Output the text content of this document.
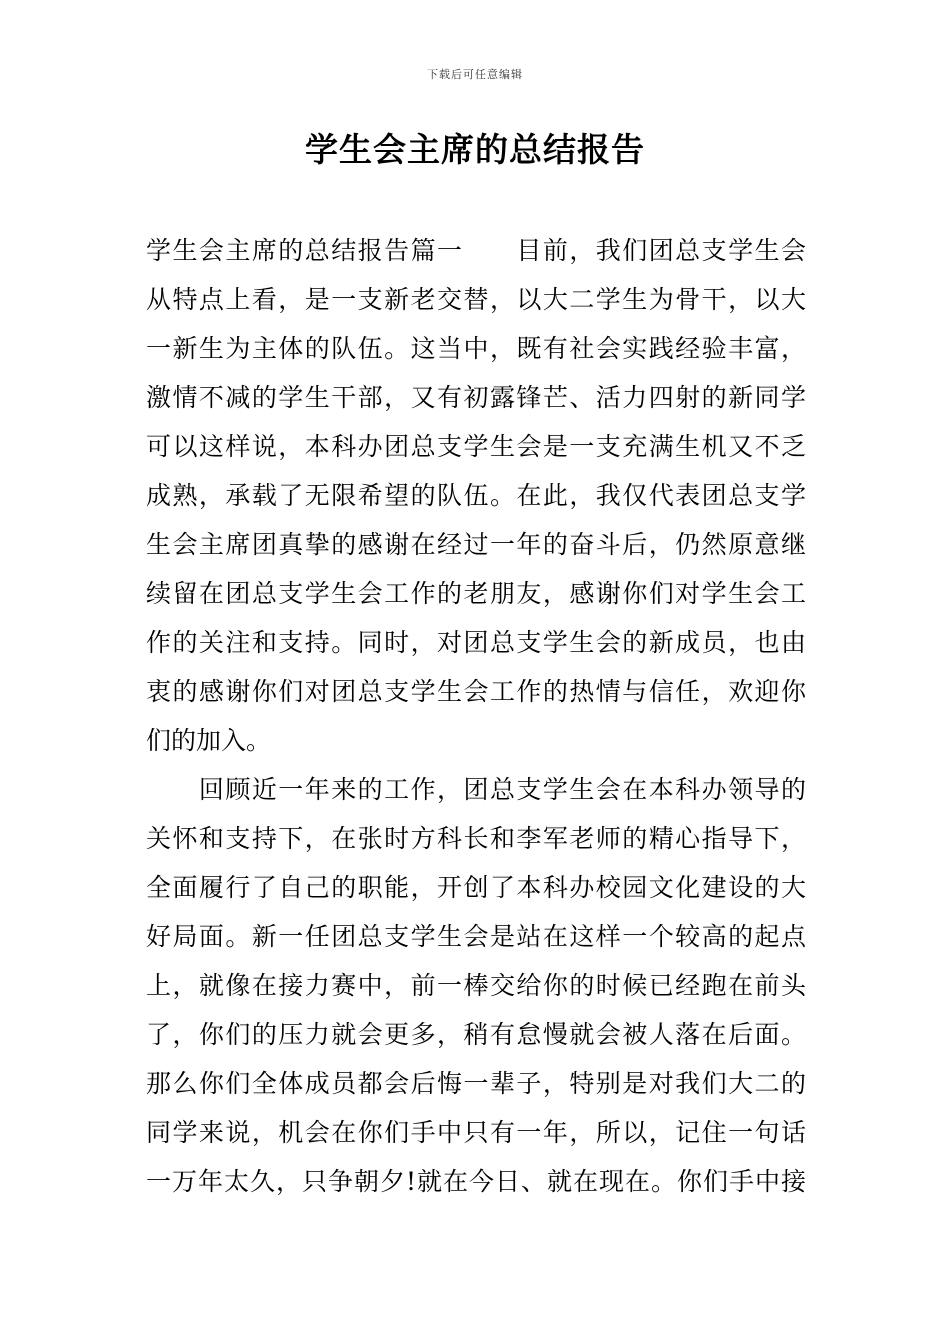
下载后可任意编辑
学生会主席的总结报告
学生会主席的总结报告篇一　　目前，我们团总支学生会
从特点上看，是一支新老交替，以大二学生为骨干，以大
一新生为主体的队伍。这当中，既有社会实践经验丰富，
激情不减的学生干部，又有初露锋芒、活力四射的新同学
可以这样说，本科办团总支学生会是一支充满生机又不乏
成熟，承载了无限希望的队伍。在此，我仅代表团总支学
生会主席团真挚的感谢在经过一年的奋斗后，仍然原意继
续留在团总支学生会工作的老朋友，感谢你们对学生会工
作的关注和支持。同时，对团总支学生会的新成员，也由
衷的感谢你们对团总支学生会工作的热情与信任，欢迎你
们的加入。
　　回顾近一年来的工作，团总支学生会在本科办领导的
关怀和支持下，在张时方科长和李军老师的精心指导下，
全面履行了自己的职能，开创了本科办校园文化建设的大
好局面。新一任团总支学生会是站在这样一个较高的起点
上，就像在接力赛中，前一棒交给你的时候已经跑在前头
了，你们的压力就会更多，稍有怠慢就会被人落在后面。
那么你们全体成员都会后悔一辈子，特别是对我们大二的
同学来说，机会在你们手中只有一年，所以，记住一句话
一万年太久，只争朝夕!就在今日、就在现在。你们手中接
